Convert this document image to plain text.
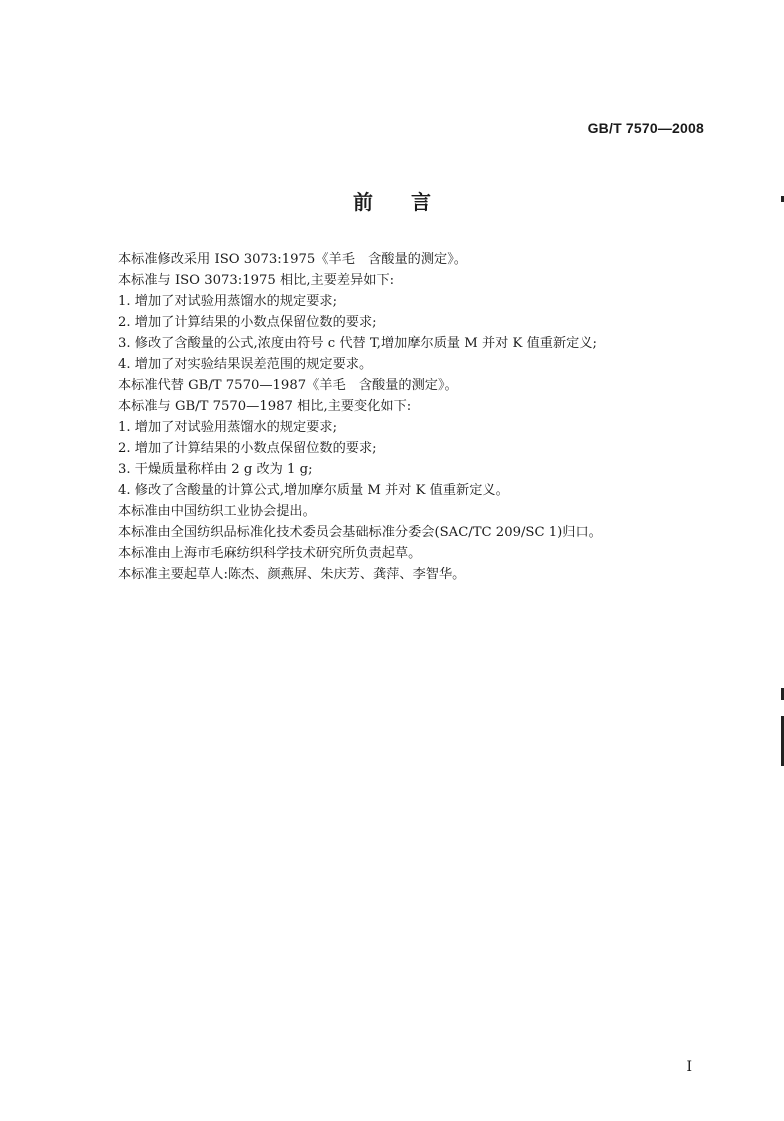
GB/T 7570—2008
前言
本标准修改采用 ISO 3073:1975《羊毛　含酸量的测定》。
本标准与 ISO 3073:1975 相比,主要差异如下:
1. 增加了对试验用蒸馏水的规定要求;
2. 增加了计算结果的小数点保留位数的要求;
3. 修改了含酸量的公式,浓度由符号 c 代替 T,增加摩尔质量 M 并对 K 值重新定义;
4. 增加了对实验结果误差范围的规定要求。
本标准代替 GB/T 7570—1987《羊毛　含酸量的测定》。
本标准与 GB/T 7570—1987 相比,主要变化如下:
1. 增加了对试验用蒸馏水的规定要求;
2. 增加了计算结果的小数点保留位数的要求;
3. 干燥质量称样由 2 g 改为 1 g;
4. 修改了含酸量的计算公式,增加摩尔质量 M 并对 K 值重新定义。
本标准由中国纺织工业协会提出。
本标准由全国纺织品标准化技术委员会基础标准分委会(SAC/TC 209/SC 1)归口。
本标准由上海市毛麻纺织科学技术研究所负责起草。
本标准主要起草人:陈杰、颜燕屏、朱庆芳、龚萍、李智华。
I
